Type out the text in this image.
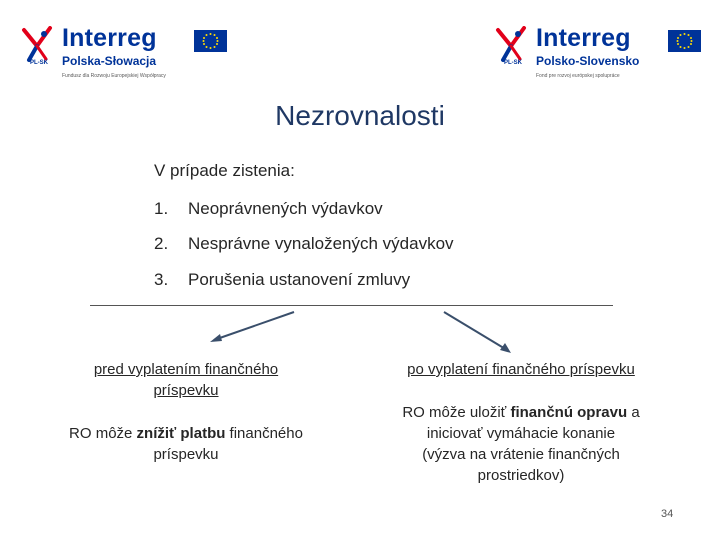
PL-SK
Interreg
Polska-Słowacja
Fundusz dla Rozwoju Europejskiej Współpracy
PL-SK
Interreg
Polsko-Slovensko
Fond pre rozvoj európskej spolupráce
Nezrovnalosti
V prípade zistenia:
1. Neoprávnených výdavkov
2. Nesprávne vynaložených výdavkov
3. Porušenia ustanovení zmluvy
pred vyplatením finančného
príspevku
RO môže znížiť platbu finančného
príspevku
po vyplatení finančného príspevku
RO môže uložiť finančnú opravu a
iniciovať vymáhacie konanie
(výzva na vrátenie finančných
prostriedkov)
34
